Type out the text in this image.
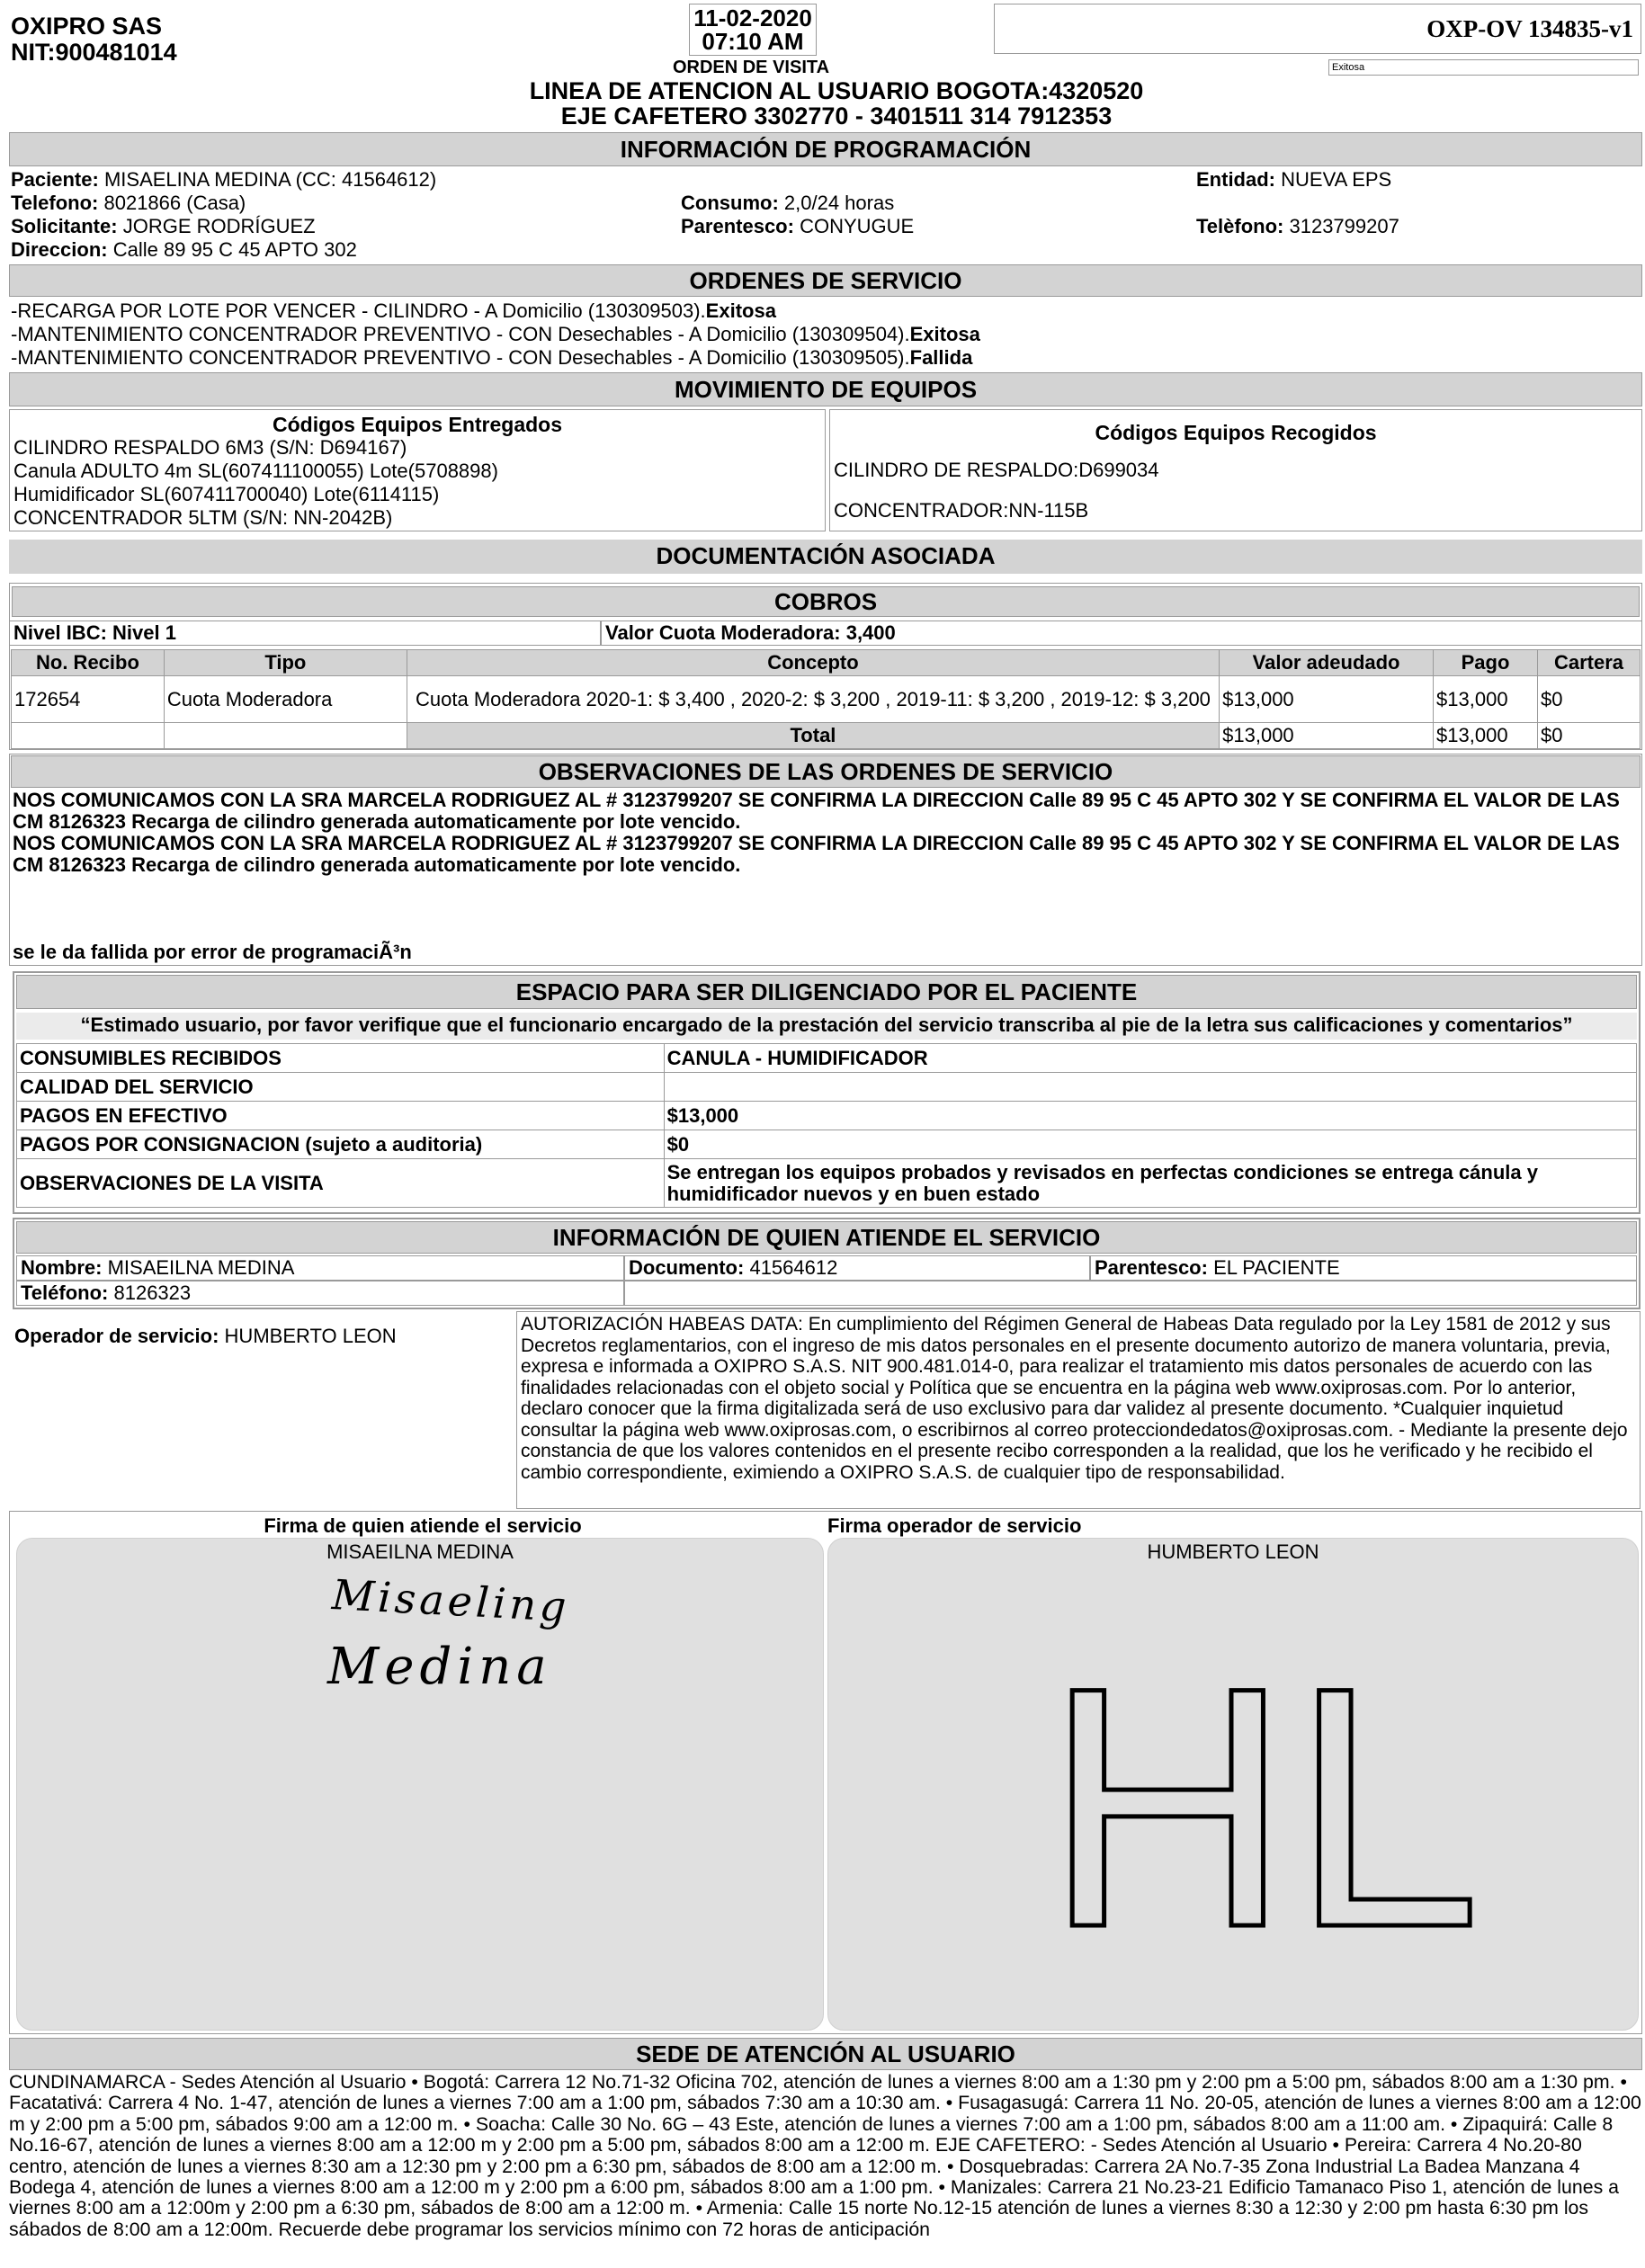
OXIPRO SAS
NIT:900481014
11-02-2020
07:10 AM
ORDEN DE VISITA
LINEA DE ATENCION AL USUARIO BOGOTA:4320520
EJE CAFETERO 3302770 - 3401511 314 7912353
OXP-OV 134835-v1
Exitosa
INFORMACIÓN DE PROGRAMACIÓN
Paciente: MISAELINA MEDINA (CC: 41564612)
Telefono: 8021866 (Casa)
Solicitante: JORGE RODRÍGUEZ
Direccion: Calle 89 95 C 45 APTO 302
Consumo: 2,0/24 horas
Parentesco: CONYUGUE
Entidad: NUEVA EPS
Telèfono: 3123799207
ORDENES DE SERVICIO
-RECARGA POR LOTE POR VENCER - CILINDRO - A Domicilio (130309503).Exitosa
-MANTENIMIENTO CONCENTRADOR PREVENTIVO - CON Desechables - A Domicilio (130309504).Exitosa
-MANTENIMIENTO CONCENTRADOR PREVENTIVO - CON Desechables - A Domicilio (130309505).Fallida
MOVIMIENTO DE EQUIPOS
Códigos Equipos Entregados
CILINDRO RESPALDO 6M3 (S/N: D694167)
Canula ADULTO 4m SL(607411100055) Lote(5708898)
Humidificador SL(607411700040) Lote(6114115)
CONCENTRADOR 5LTM (S/N: NN-2042B)
Códigos Equipos Recogidos
CILINDRO DE RESPALDO:D699034
CONCENTRADOR:NN-115B
DOCUMENTACIÓN ASOCIADA
COBROS
Nivel IBC: Nivel 1	Valor Cuota Moderadora: 3,400
No. Recibo	Tipo	Concepto	Valor adeudado	Pago	Cartera
172654	Cuota Moderadora	Cuota Moderadora 2020-1: $ 3,400 , 2020-2: $ 3,200 , 2019-11: $ 3,200 , 2019-12: $ 3,200	$13,000	$13,000	$0
		Total	$13,000	$13,000	$0
OBSERVACIONES DE LAS ORDENES DE SERVICIO
NOS COMUNICAMOS CON LA SRA MARCELA RODRIGUEZ AL # 3123799207 SE CONFIRMA LA DIRECCION Calle 89 95 C 45 APTO 302 Y SE CONFIRMA EL VALOR DE LAS CM 8126323 Recarga de cilindro generada automaticamente por lote vencido.
NOS COMUNICAMOS CON LA SRA MARCELA RODRIGUEZ AL # 3123799207 SE CONFIRMA LA DIRECCION Calle 89 95 C 45 APTO 302 Y SE CONFIRMA EL VALOR DE LAS CM 8126323 Recarga de cilindro generada automaticamente por lote vencido.
se le da fallida por error de programaciÃ³n
ESPACIO PARA SER DILIGENCIADO POR EL PACIENTE
“Estimado usuario, por favor verifique que el funcionario encargado de la prestación del servicio transcriba al pie de la letra sus calificaciones y comentarios”
CONSUMIBLES RECIBIDOS	CANULA - HUMIDIFICADOR
CALIDAD DEL SERVICIO	
PAGOS EN EFECTIVO	$13,000
PAGOS POR CONSIGNACION (sujeto a auditoria)	$0
OBSERVACIONES DE LA VISITA	Se entregan los equipos probados y revisados en perfectas condiciones se entrega cánula y humidificador nuevos y en buen estado
INFORMACIÓN DE QUIEN ATIENDE EL SERVICIO
Nombre: MISAEILNA MEDINA	Documento: 41564612	Parentesco: EL PACIENTE
Teléfono: 8126323
Operador de servicio: HUMBERTO LEON
AUTORIZACIÓN HABEAS DATA: En cumplimiento del Régimen General de Habeas Data regulado por la Ley 1581 de 2012 y sus Decretos reglamentarios, con el ingreso de mis datos personales en el presente documento autorizo de manera voluntaria, previa, expresa e informada a OXIPRO S.A.S. NIT 900.481.014-0, para realizar el tratamiento mis datos personales de acuerdo con las finalidades relacionadas con el objeto social y Política que se encuentra en la página web www.oxiprosas.com. Por lo anterior, declaro conocer que la firma digitalizada será de uso exclusivo para dar validez al presente documento. *Cualquier inquietud consultar la página web www.oxiprosas.com, o escribirnos al correo protecciondedatos@oxiprosas.com. - Mediante la presente dejo constancia de que los valores contenidos en el presente recibo corresponden a la realidad, que los he verificado y he recibido el cambio correspondiente, eximiendo a OXIPRO S.A.S. de cualquier tipo de responsabilidad.
Firma de quien atiende el servicio	Firma operador de servicio
MISAEILNA MEDINA
Misaeling
Medina
HUMBERTO LEON
HL
SEDE DE ATENCIÓN AL USUARIO
CUNDINAMARCA - Sedes Atención al Usuario • Bogotá: Carrera 12 No.71-32 Oficina 702, atención de lunes a viernes 8:00 am a 1:30 pm y 2:00 pm a 5:00 pm, sábados 8:00 am a 1:30 pm. • Facatativá: Carrera 4 No. 1-47, atención de lunes a viernes 7:00 am a 1:00 pm, sábados 7:30 am a 10:30 am. • Fusagasugá: Carrera 11 No. 20-05, atención de lunes a viernes 8:00 am a 12:00 m y 2:00 pm a 5:00 pm, sábados 9:00 am a 12:00 m. • Soacha: Calle 30 No. 6G – 43 Este, atención de lunes a viernes 7:00 am a 1:00 pm, sábados 8:00 am a 11:00 am. • Zipaquirá: Calle 8 No.16-67, atención de lunes a viernes 8:00 am a 12:00 m y 2:00 pm a 5:00 pm, sábados 8:00 am a 12:00 m. EJE CAFETERO: - Sedes Atención al Usuario • Pereira: Carrera 4 No.20-80 centro, atención de lunes a viernes 8:30 am a 12:30 pm y 2:00 pm a 6:30 pm, sábados de 8:00 am a 12:00 m. • Dosquebradas: Carrera 2A No.7-35 Zona Industrial La Badea Manzana 4 Bodega 4, atención de lunes a viernes 8:00 am a 12:00 m y 2:00 pm a 6:00 pm, sábados 8:00 am a 1:00 pm. • Manizales: Carrera 21 No.23-21 Edificio Tamanaco Piso 1, atención de lunes a viernes 8:00 am a 12:00m y 2:00 pm a 6:30 pm, sábados de 8:00 am a 12:00 m. • Armenia: Calle 15 norte No.12-15 atención de lunes a viernes 8:30 a 12:30 y 2:00 pm hasta 6:30 pm los sábados de 8:00 am a 12:00m. Recuerde debe programar los servicios mínimo con 72 horas de anticipación
